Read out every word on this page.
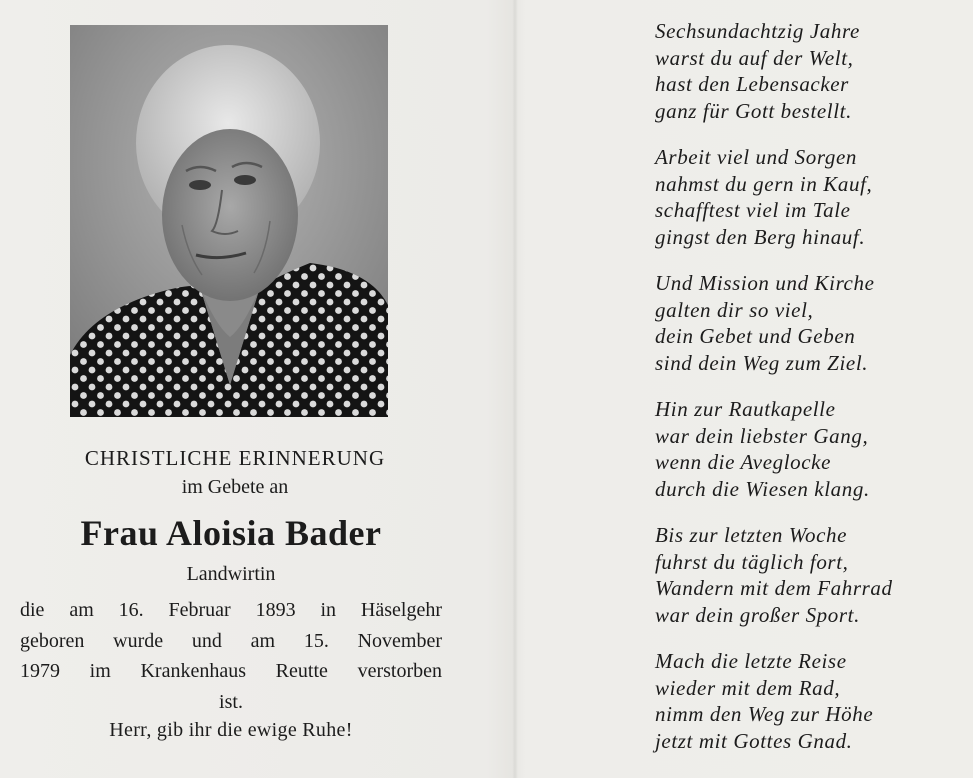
CHRISTLICHE ERINNERUNG
im Gebete an
Frau Aloisia Bader
Landwirtin
die am 16. Februar 1893 in Häselgehr
geboren wurde und am 15. November
1979 im Krankenhaus Reutte verstorben
ist.
Herr, gib ihr die ewige Ruhe!
Sechsundachtzig Jahre
warst du auf der Welt,
hast den Lebensacker
ganz für Gott bestellt.
Arbeit viel und Sorgen
nahmst du gern in Kauf,
schafftest viel im Tale
gingst den Berg hinauf.
Und Mission und Kirche
galten dir so viel,
dein Gebet und Geben
sind dein Weg zum Ziel.
Hin zur Rautkapelle
war dein liebster Gang,
wenn die Aveglocke
durch die Wiesen klang.
Bis zur letzten Woche
fuhrst du täglich fort,
Wandern mit dem Fahrrad
war dein großer Sport.
Mach die letzte Reise
wieder mit dem Rad,
nimm den Weg zur Höhe
jetzt mit Gottes Gnad.
